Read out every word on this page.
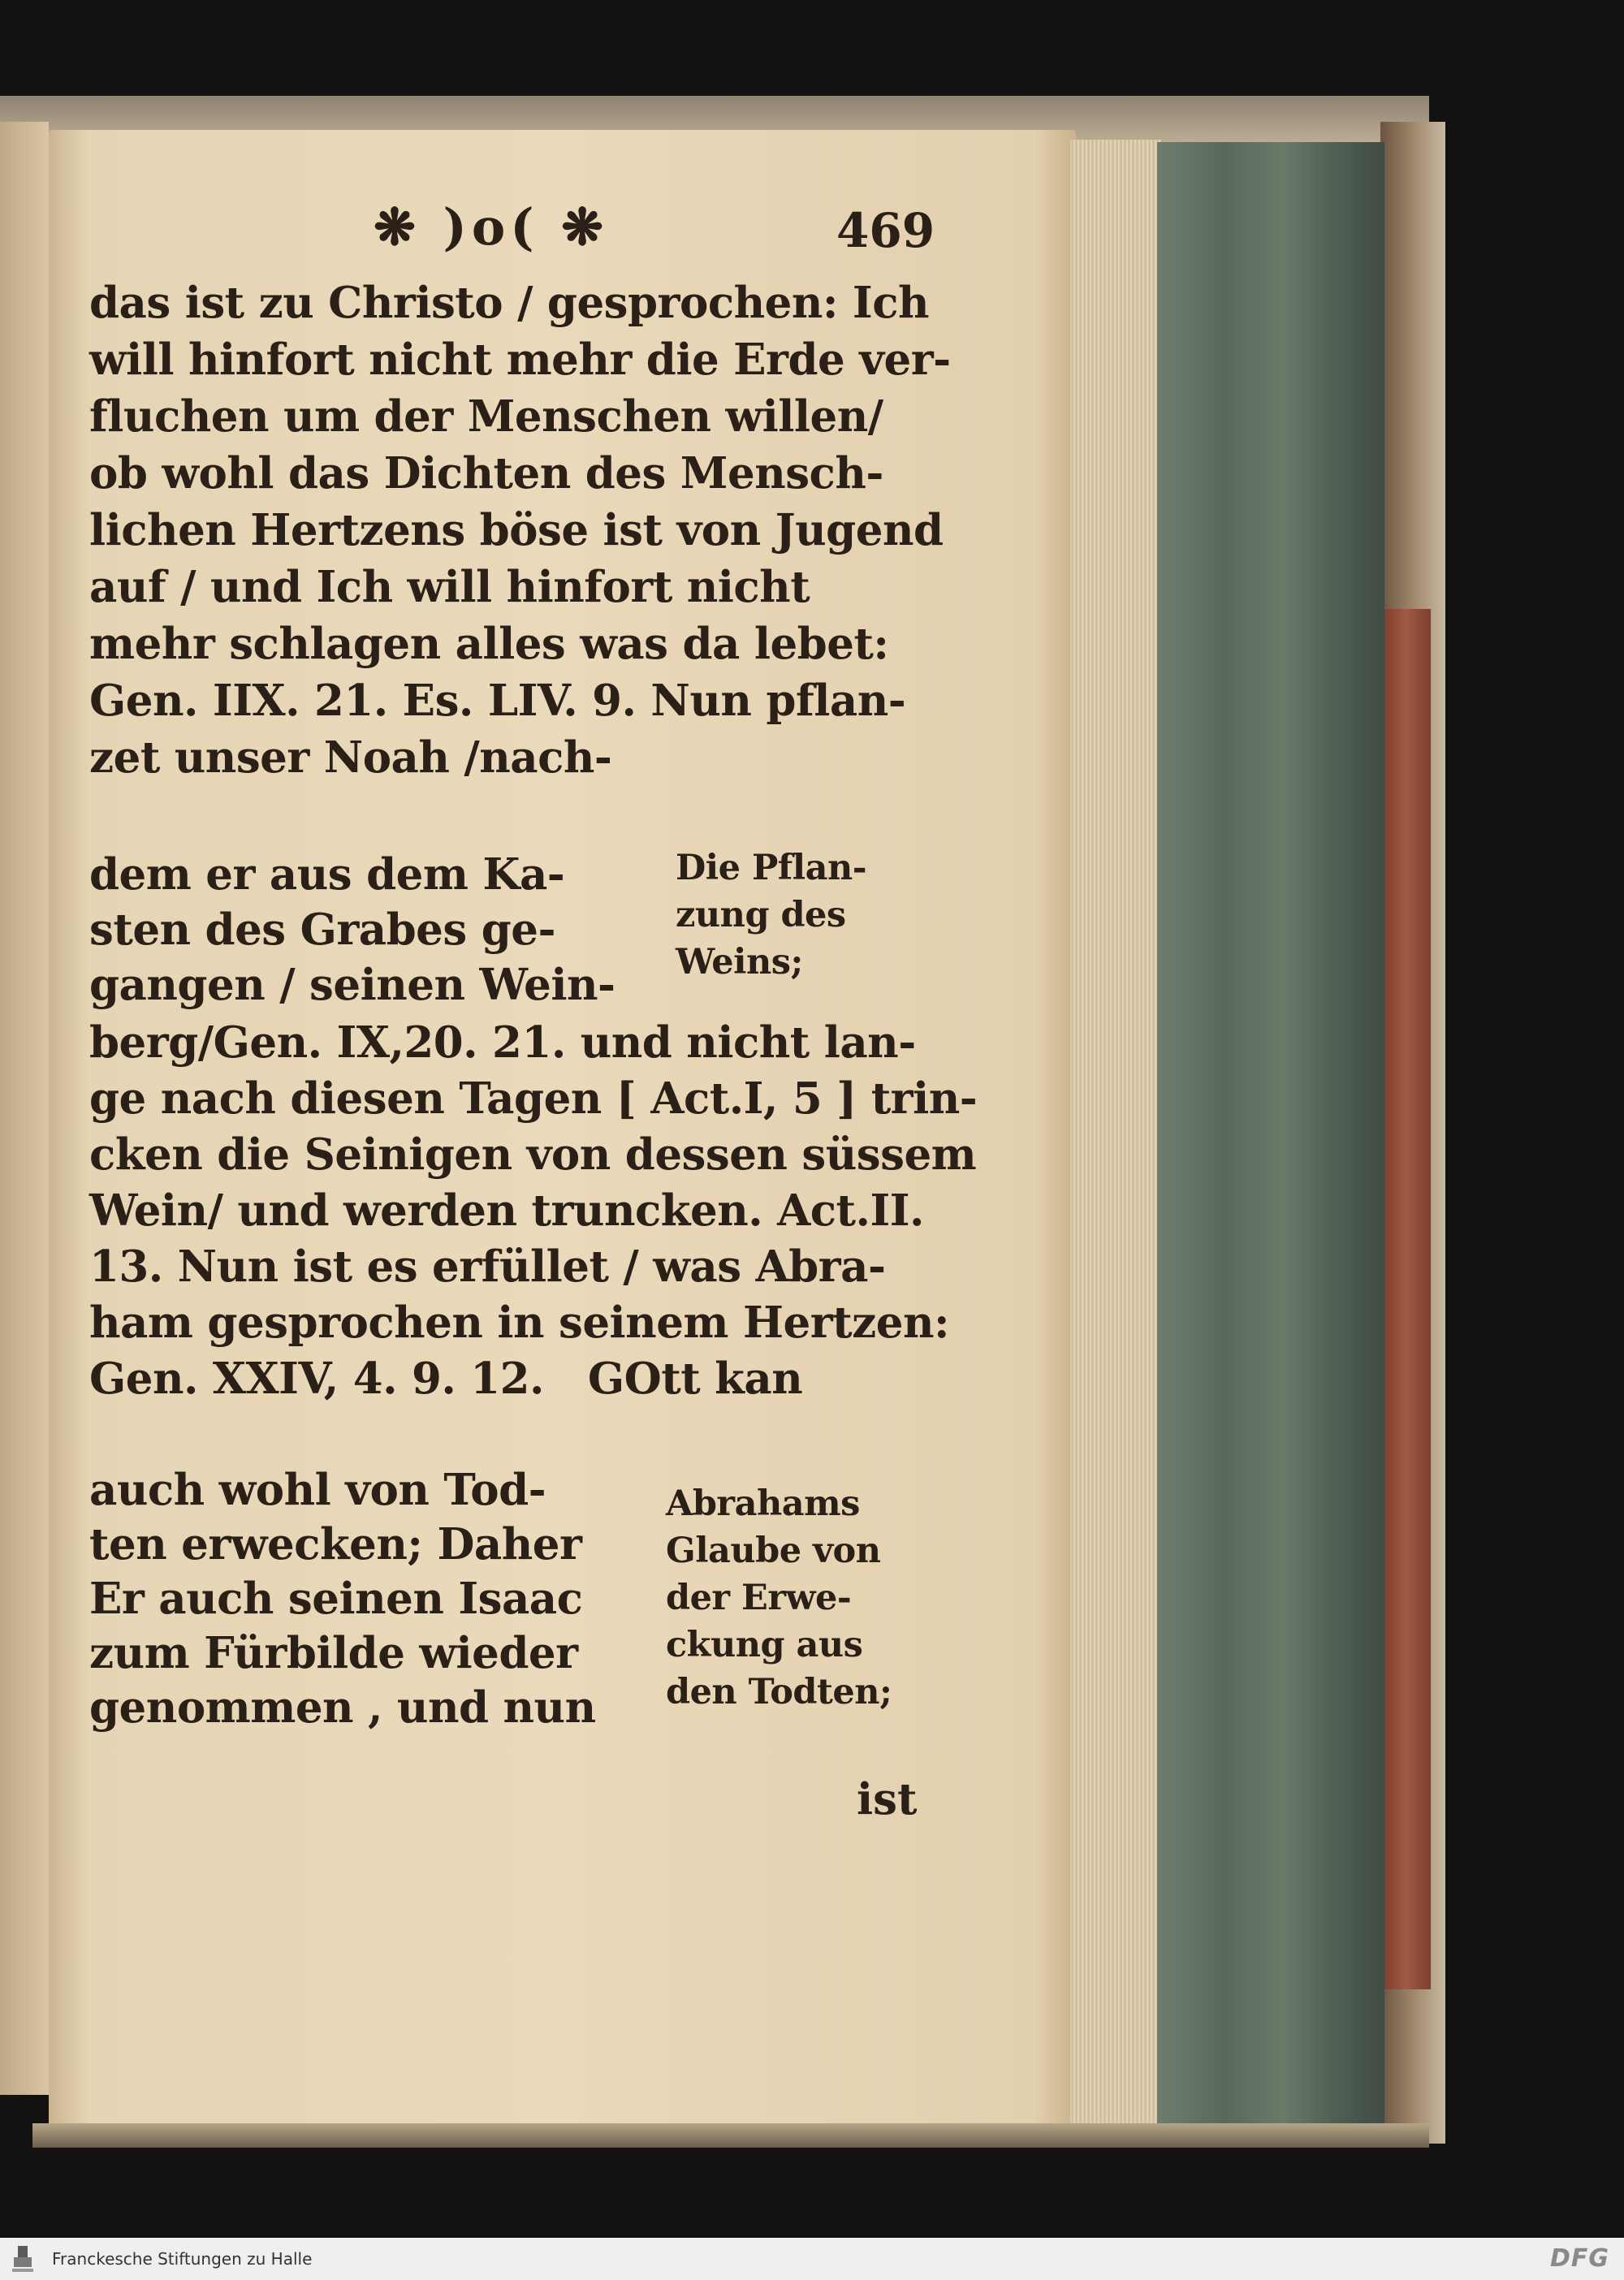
❋ )o( ❋	469
das ist zu Christo / gesprochen: Ich
will hinfort nicht mehr die Erde ver-
fluchen um der Menschen willen/
ob wohl das Dichten des Mensch-
lichen Hertzens böse ist von Jugend
auf / und Ich will hinfort nicht
mehr schlagen alles was da lebet:
Gen. IIX. 21. Es. LIV. 9. Nun pflan-
zet unser Noah /nach-
dem er aus dem Ka-
sten des Grabes ge-
gangen / seinen Wein-
Die Pflan-
zung des
Weins;
berg/Gen. IX,20. 21. und nicht lan-
ge nach diesen Tagen [ Act.I, 5 ] trin-
cken die Seinigen von dessen süssem
Wein/ und werden truncken. Act.II.
13. Nun ist es erfüllet / was Abra-
ham gesprochen in seinem Hertzen:
Gen. XXIV, 4. 9. 12.   GOtt kan
auch wohl von Tod-
ten erwecken; Daher
Er auch seinen Isaac
zum Fürbilde wieder
genommen , und nun
Abrahams
Glaube von
der Erwe-
ckung aus
den Todten;
ist
Franckesche Stiftungen zu Halle	DFG
